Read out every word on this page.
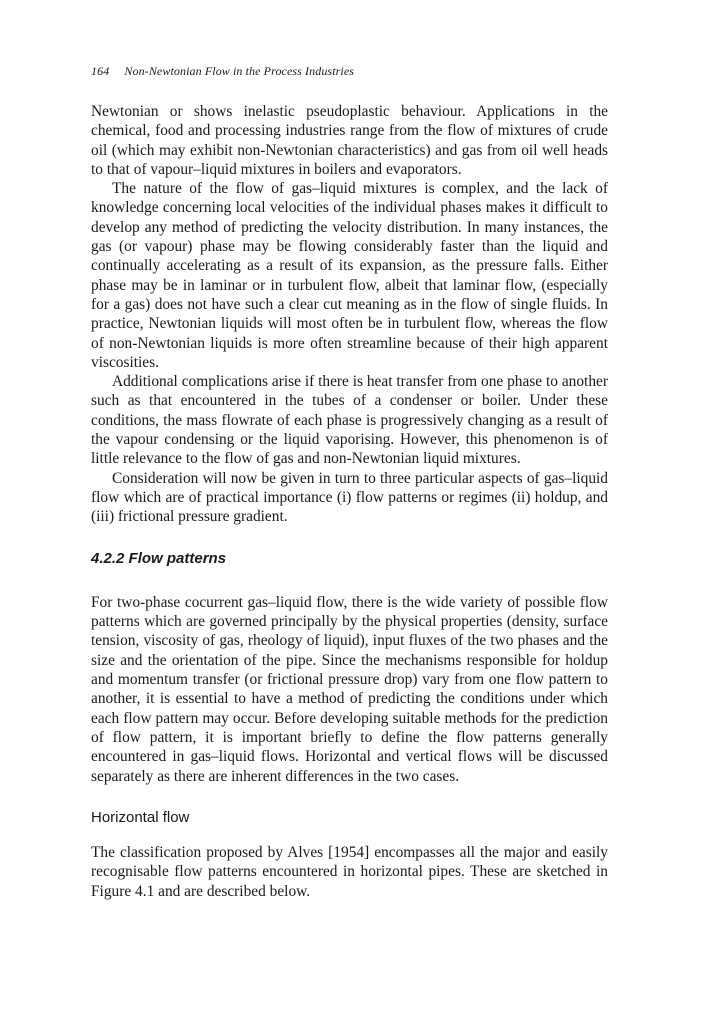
164 Non-Newtonian Flow in the Process Industries

Newtonian or shows inelastic pseudoplastic behaviour. Applications in the chemical, food and processing industries range from the flow of mixtures of crude oil (which may exhibit non-Newtonian characteristics) and gas from oil well heads to that of vapour–liquid mixtures in boilers and evaporators.

The nature of the flow of gas–liquid mixtures is complex, and the lack of knowledge concerning local velocities of the individual phases makes it difficult to develop any method of predicting the velocity distribution. In many instances, the gas (or vapour) phase may be flowing considerably faster than the liquid and continually accelerating as a result of its expansion, as the pressure falls. Either phase may be in laminar or in turbulent flow, albeit that laminar flow, (especially for a gas) does not have such a clear cut meaning as in the flow of single fluids. In practice, Newtonian liquids will most often be in turbulent flow, whereas the flow of non-Newtonian liquids is more often streamline because of their high apparent viscosities.

Additional complications arise if there is heat transfer from one phase to another such as that encountered in the tubes of a condenser or boiler. Under these conditions, the mass flowrate of each phase is progressively changing as a result of the vapour condensing or the liquid vaporising. However, this phenomenon is of little relevance to the flow of gas and non-Newtonian liquid mixtures.

Consideration will now be given in turn to three particular aspects of gas–liquid flow which are of practical importance (i) flow patterns or regimes (ii) holdup, and (iii) frictional pressure gradient.

4.2.2 Flow patterns

For two-phase cocurrent gas–liquid flow, there is the wide variety of possible flow patterns which are governed principally by the physical properties (density, surface tension, viscosity of gas, rheology of liquid), input fluxes of the two phases and the size and the orientation of the pipe. Since the mechanisms responsible for holdup and momentum transfer (or frictional pressure drop) vary from one flow pattern to another, it is essential to have a method of predicting the conditions under which each flow pattern may occur. Before developing suitable methods for the prediction of flow pattern, it is important briefly to define the flow patterns generally encountered in gas–liquid flows. Horizontal and vertical flows will be discussed separately as there are inherent differences in the two cases.

Horizontal flow

The classification proposed by Alves [1954] encompasses all the major and easily recognisable flow patterns encountered in horizontal pipes. These are sketched in Figure 4.1 and are described below.
